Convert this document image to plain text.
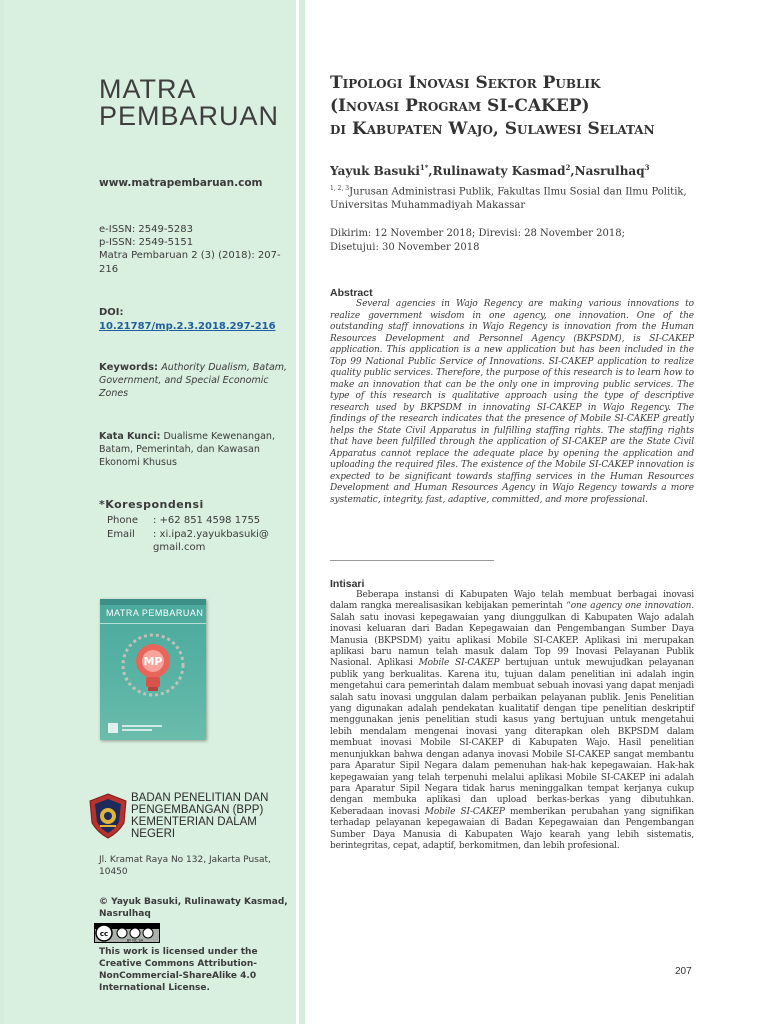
MATRA
PEMBARUAN
www.matrapembaruan.com
e-ISSN: 2549-5283
p-ISSN: 2549-5151
Matra Pembaruan 2 (3) (2018): 207-216
DOI:
10.21787/mp.2.3.2018.297-216
Keywords: Authority Dualism, Batam, Government, and Special Economic Zones
Kata Kunci: Dualisme Kewenangan, Batam, Pemerintah, dan Kawasan Ekonomi Khusus
*Korespondensi
Phone : +62 851 4598 1755
Email : xi.ipa2.yayukbasuki@ gmail.com
MP
MATRA PEMBARUAN
BADAN PENELITIAN DAN
PENGEMBANGAN (BPP)
KEMENTERIAN DALAM
NEGERI
Jl. Kramat Raya No 132, Jakarta Pusat, 10450
© Yayuk Basuki, Rulinawaty Kasmad, Nasrulhaq
cc
BY NC SA
This work is licensed under the Creative Commons Attribution-NonCommercial-ShareAlike 4.0 International License.
Tipologi Inovasi Sektor Publik
(Inovasi Program SI-CAKEP)
di Kabupaten Wajo, Sulawesi Selatan
Yayuk Basuki$^{1*}$,Rulinawaty Kasmad$^2$,Nasrulhaq$^3$
$^{1, 2, 3}$Jurusan Administrasi Publik, Fakultas Ilmu Sosial dan Ilmu Politik, Universitas Muhammadiyah Makassar
Dikirim: 12 November 2018; Direvisi: 28 November 2018;
Disetujui: 30 November 2018
Abstract
Several agencies in Wajo Regency are making various innovations to realize government wisdom in one agency, one innovation. One of the outstanding staff innovations in Wajo Regency is innovation from the Human Resources Development and Personnel Agency (BKPSDM), is SI-CAKEP application. This application is a new application but has been included in the Top 99 National Public Service of Innovations. SI-CAKEP application to realize quality public services. Therefore, the purpose of this research is to learn how to make an innovation that can be the only one in improving public services. The type of this research is qualitative approach using the type of descriptive research used by BKPSDM in innovating SI-CAKEP in Wajo Regency. The findings of the research indicates that the presence of Mobile SI-CAKEP greatly helps the State Civil Apparatus in fulfilling staffing rights. The staffing rights that have been fulfilled through the application of SI-CAKEP are the State Civil Apparatus cannot replace the adequate place by opening the application and uploading the required files. The existence of the Mobile SI-CAKEP innovation is expected to be significant towards staffing services in the Human Resources Development and Human Resources Agency in Wajo Regency towards a more systematic, integrity, fast, adaptive, committed, and more professional.
Intisari
Beberapa instansi di Kabupaten Wajo telah membuat berbagai inovasi dalam rangka merealisasikan kebijakan pemerintah “one agency one innovation. Salah satu inovasi kepegawaian yang diunggulkan di Kabupaten Wajo adalah inovasi keluaran dari Badan Kepegawaian dan Pengembangan Sumber Daya Manusia (BKPSDM) yaitu aplikasi Mobile SI-CAKEP. Aplikasi ini merupakan aplikasi baru namun telah masuk dalam Top 99 Inovasi Pelayanan Publik Nasional. Aplikasi Mobile SI-CAKEP bertujuan untuk mewujudkan pelayanan publik yang berkualitas. Karena itu, tujuan dalam penelitian ini adalah ingin mengetahui cara pemerintah dalam membuat sebuah inovasi yang dapat menjadi salah satu inovasi unggulan dalam perbaikan pelayanan publik. Jenis Penelitian yang digunakan adalah pendekatan kualitatif dengan tipe penelitian deskriptif menggunakan jenis penelitian studi kasus yang bertujuan untuk mengetahui lebih mendalam mengenai inovasi yang diterapkan oleh BKPSDM dalam membuat inovasi Mobile SI-CAKEP di Kabupaten Wajo. Hasil penelitian menunjukkan bahwa dengan adanya inovasi Mobile SI-CAKEP sangat membantu para Aparatur Sipil Negara dalam pemenuhan hak-hak kepegawaian. Hak-hak kepegawaian yang telah terpenuhi melalui aplikasi Mobile SI-CAKEP ini adalah para Aparatur Sipil Negara tidak harus meninggalkan tempat kerjanya cukup dengan membuka aplikasi dan upload berkas-berkas yang dibutuhkan. Keberadaan inovasi Mobile SI-CAKEP memberikan perubahan yang signifikan terhadap pelayanan kepegawaian di Badan Kepegawaian dan Pengembangan Sumber Daya Manusia di Kabupaten Wajo kearah yang lebih sistematis, berintegritas, cepat, adaptif, berkomitmen, dan lebih profesional.
207
